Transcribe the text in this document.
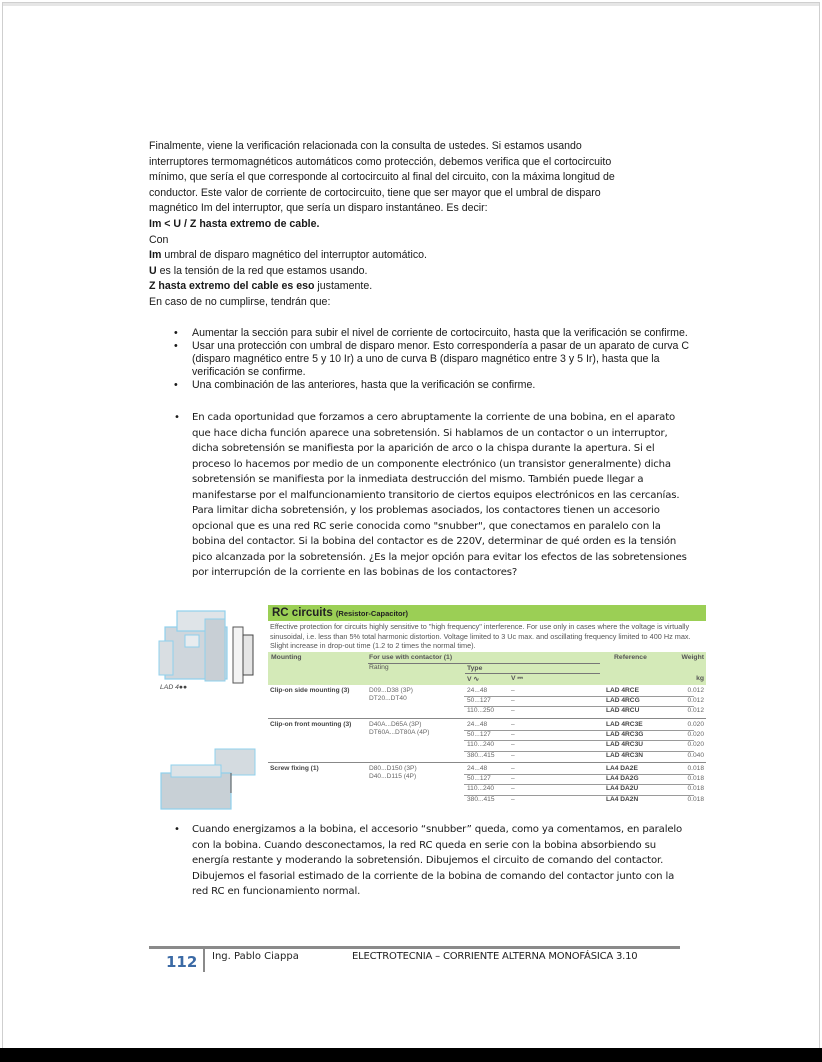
Finalmente, viene la verificación relacionada con la consulta de ustedes. Si estamos usando

interruptores termomagnéticos automáticos como protección, debemos verifica que el cortocircuito

mínimo, que sería el que corresponde al cortocircuito al final del circuito, con la máxima longitud de

conductor. Este valor de corriente de cortocircuito, tiene que ser mayor que el umbral de disparo

magnético Im del interruptor, que sería un disparo instantáneo. Es decir:

Im < U / Z hasta extremo de cable.

Con

Im umbral de disparo magnético del interruptor automático.

U es la tensión de la red que estamos usando.

Z hasta extremo del cable es eso justamente.

En caso de no cumplirse, tendrán que:

• Aumentar la sección para subir el nivel de corriente de cortocircuito, hasta que la verificación se confirme.
• Usar una protección con umbral de disparo menor. Esto correspondería a pasar de un aparato de curva C (disparo magnético entre 5 y 10 Ir) a uno de curva B (disparo magnético entre 3 y 5 Ir), hasta que la verificación se confirme.
• Una combinación de las anteriores, hasta que la verificación se confirme.
• En cada oportunidad que forzamos a cero abruptamente la corriente de una bobina, en el aparato que hace dicha función aparece una sobretensión. Si hablamos de un contactor o un interruptor, dicha sobretensión se manifiesta por la aparición de arco o la chispa durante la apertura. Si el proceso lo hacemos por medio de un componente electrónico (un transistor generalmente) dicha sobretensión se manifiesta por la inmediata destrucción del mismo. También puede llegar a manifestarse por el malfuncionamiento transitorio de ciertos equipos electrónicos en las cercanías. Para limitar dicha sobretensión, y los problemas asociados, los contactores tienen un accesorio opcional que es una red RC serie conocida como "snubber", que conectamos en paralelo con la bobina del contactor. Si la bobina del contactor es de 220V, determinar de qué orden es la tensión pico alcanzada por la sobretensión. ¿Es la mejor opción para evitar los efectos de las sobretensiones por interrupción de la corriente en las bobinas de los contactores?
LAD 4●●
RC circuits (Resistor-Capacitor)
Effective protection for circuits highly sensitive to "high frequency" interference. For use only in cases where the voltage is virtually sinusoidal, i.e. less than 5% total harmonic distortion. Voltage limited to 3 Uc max. and oscillating frequency limited to 400 Hz max. Slight increase in drop-out time (1.2 to 2 times the normal time).
Mounting	For use with contactor (1)
Rating	Type
V ∿	V ⎓
Reference	Weight
kg
Clip-on side mounting (3)	D09...D38 (3P)
DT20...DT40
24...48	–	LAD 4RCE	0.012
50...127	–	LAD 4RCG	0.012
110...250	–	LAD 4RCU	0.012
Clip-on front mounting (3)	D40A...D65A (3P)
DT60A...DT80A (4P)
24...48	–	LAD 4RC3E	0.020
50...127	–	LAD 4RC3G	0.020
110...240	–	LAD 4RC3U	0.020
380...415	–	LAD 4RC3N	0.040
Screw fixing (1)	D80...D150 (3P)
D40...D115 (4P)
24...48	–	LA4 DA2E	0.018
50...127	–	LA4 DA2G	0.018
110...240	–	LA4 DA2U	0.018
380...415	–	LA4 DA2N	0.018
• Cuando energizamos a la bobina, el accesorio “snubber” queda, como ya comentamos, en paralelo con la bobina. Cuando desconectamos, la red RC queda en serie con la bobina absorbiendo su energía restante y moderando la sobretensión. Dibujemos el circuito de comando del contactor. Dibujemos el fasorial estimado de la corriente de la bobina de comando del contactor junto con la red RC en funcionamiento normal.
112 Ing. Pablo Ciappa	ELECTROTECNIA – CORRIENTE ALTERNA MONOFÁSICA 3.10
